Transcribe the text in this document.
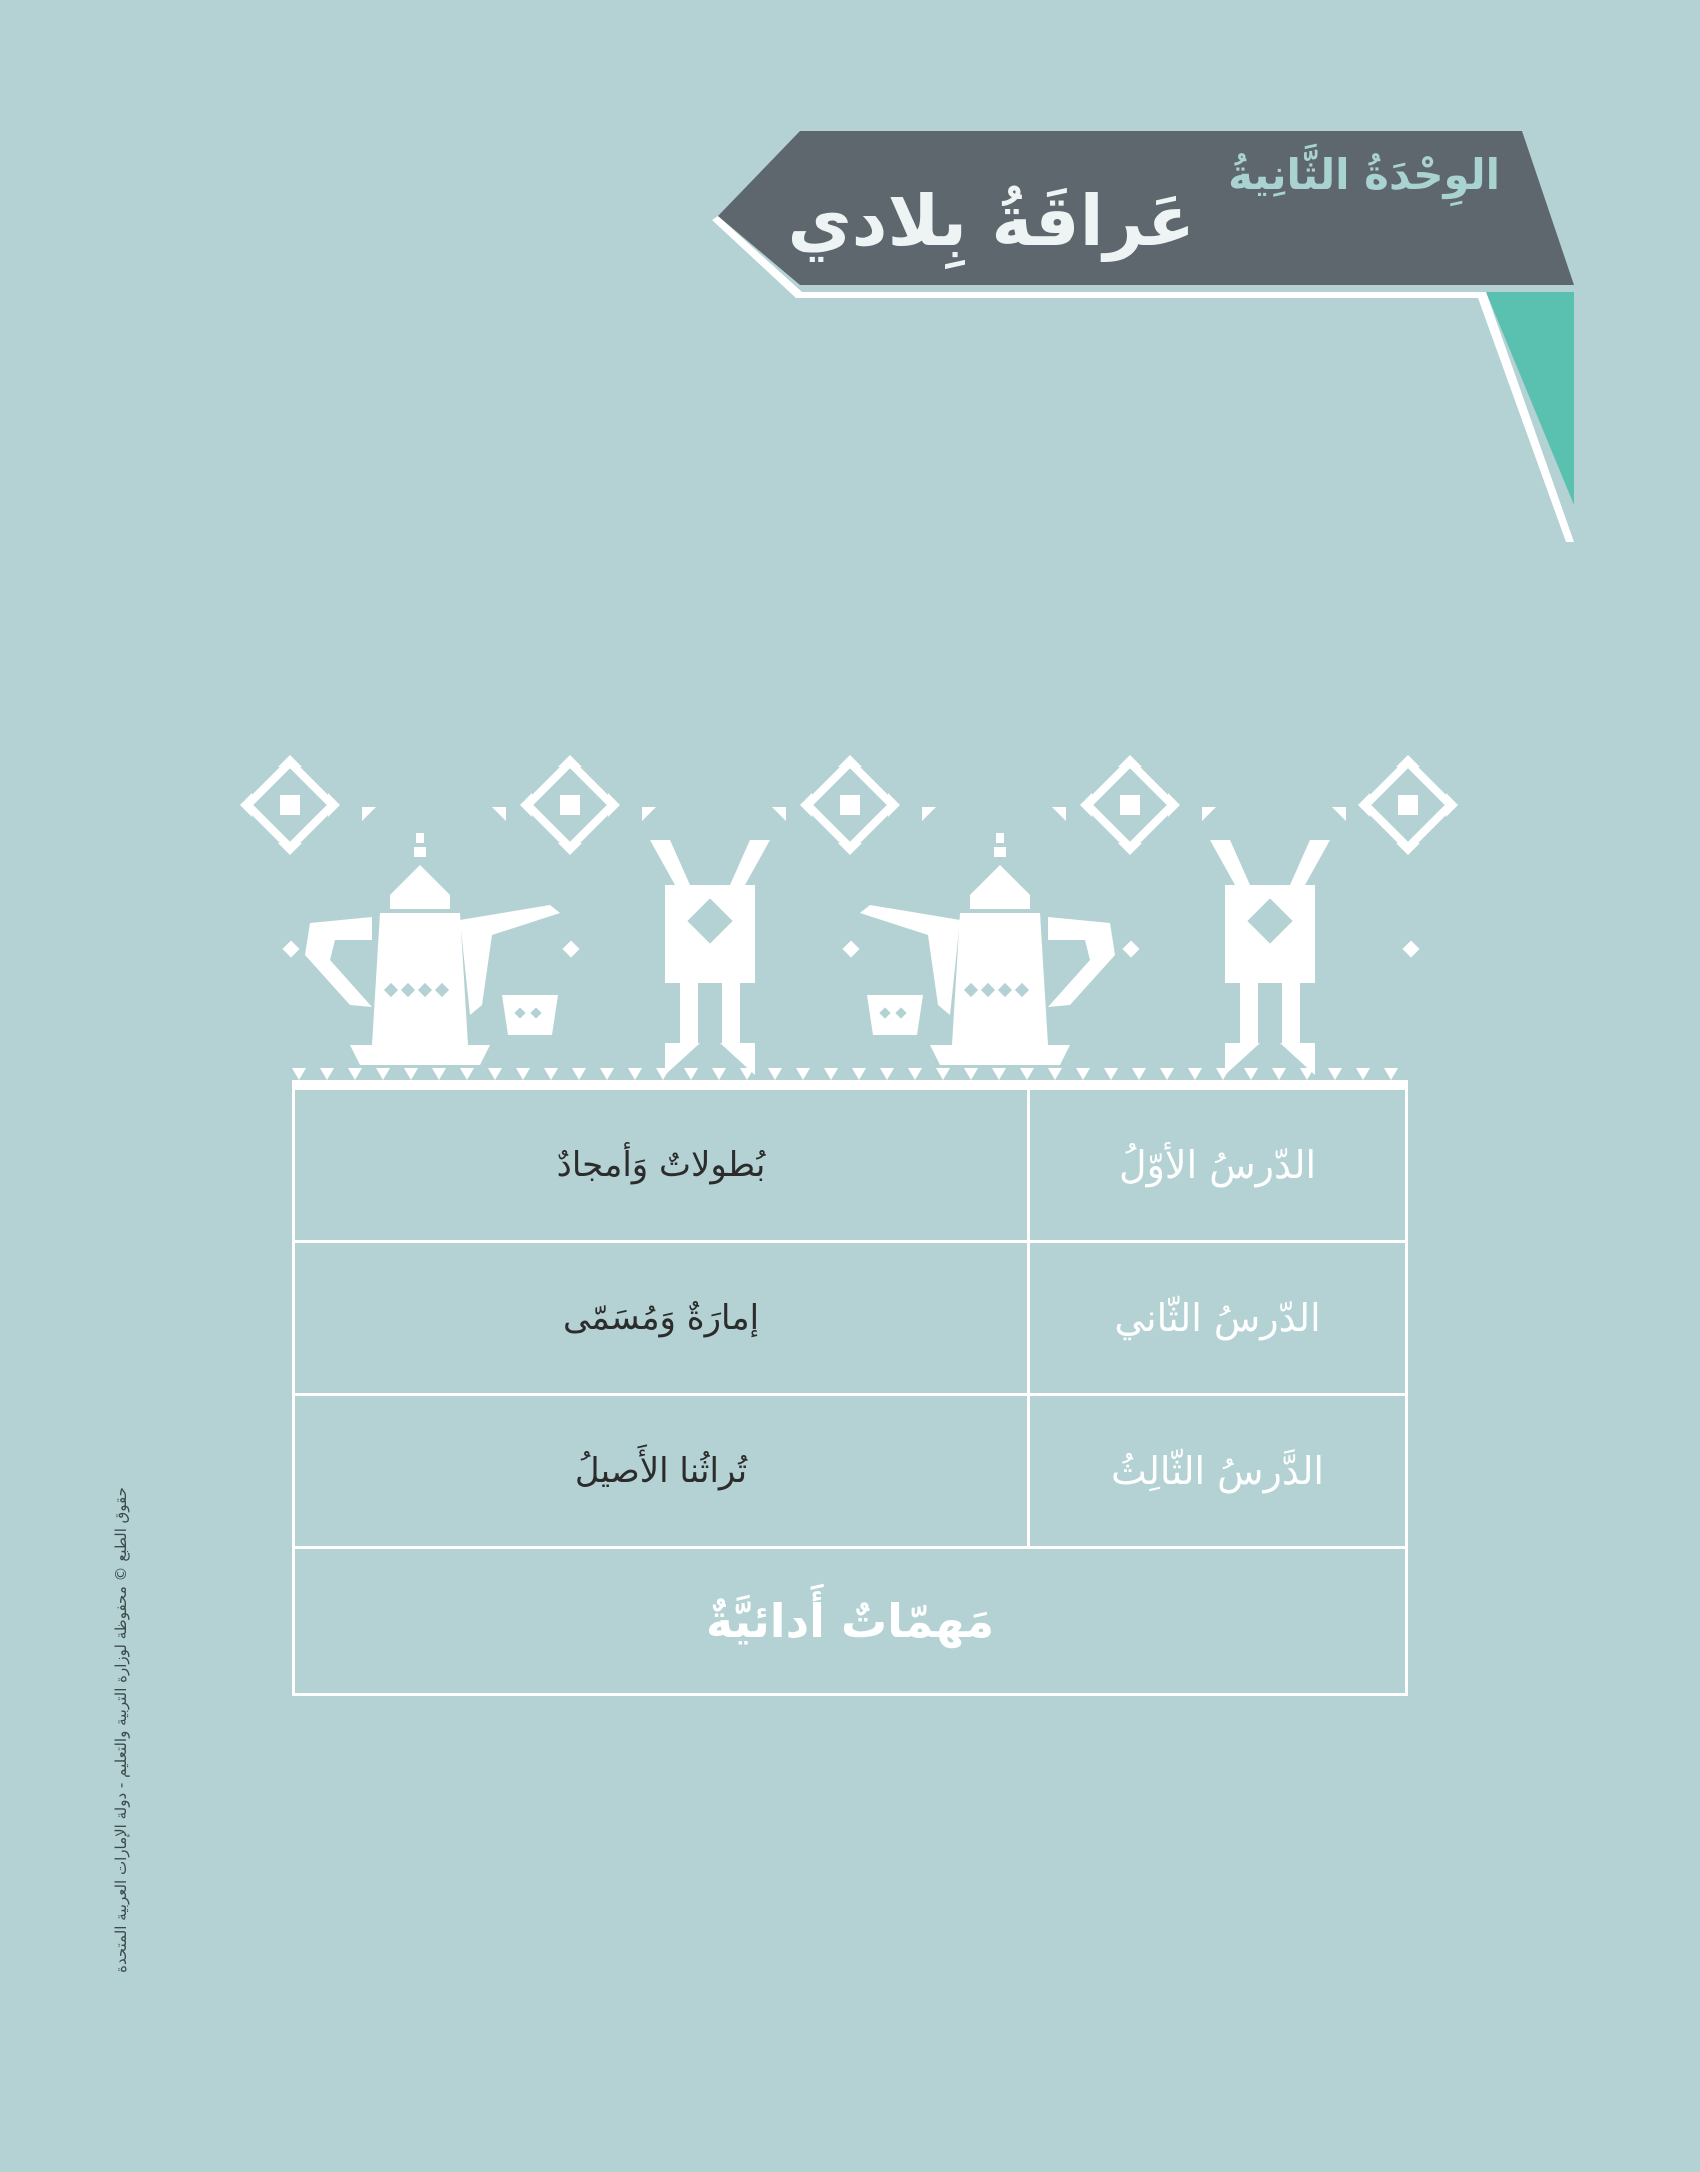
الوِحْدَةُ الثَّانِيةُ
عَراقَةُ بِلادي
الدّرسُ الأوّلُ
بُطولاتٌ وَأمجادٌ
الدّرسُ الثّاني
إمارَةٌ وَمُسَمّى
الدَّرسُ الثّالِثُ
تُراثُنا الأَصيلُ
مَهمّاتٌ أَدائيَّةٌ
حقوق الطبع © محفوظة لوزارة التربية والتعليم - دولة الإمارات العربية المتحدة
